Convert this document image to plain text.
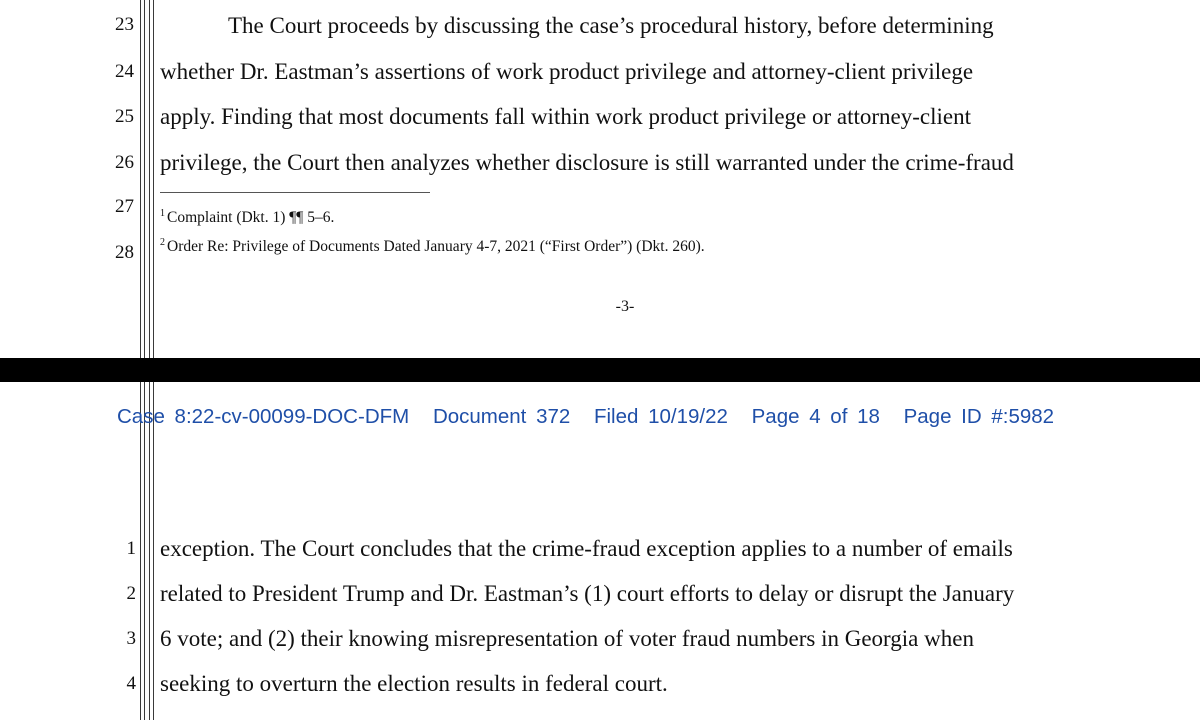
23
24
25
26
27
28
The Court proceeds by discussing the case’s procedural history, before determining
whether Dr. Eastman’s assertions of work product privilege and attorney-client privilege
apply. Finding that most documents fall within work product privilege or attorney-client
privilege, the Court then analyzes whether disclosure is still warranted under the crime-fraud
$^1$ Complaint (Dkt. 1) ¶¶ 5–6.
$^2$ Order Re: Privilege of Documents Dated January 4-7, 2021 (“First Order”) (Dkt. 260).
-3-
Case 8:22-cv-00099-DOC-DFM Document 372 Filed 10/19/22 Page 4 of 18 Page ID #:5982
1
2
3
4
exception. The Court concludes that the crime-fraud exception applies to a number of emails
related to President Trump and Dr. Eastman’s (1) court efforts to delay or disrupt the January
6 vote; and (2) their knowing misrepresentation of voter fraud numbers in Georgia when
seeking to overturn the election results in federal court.
